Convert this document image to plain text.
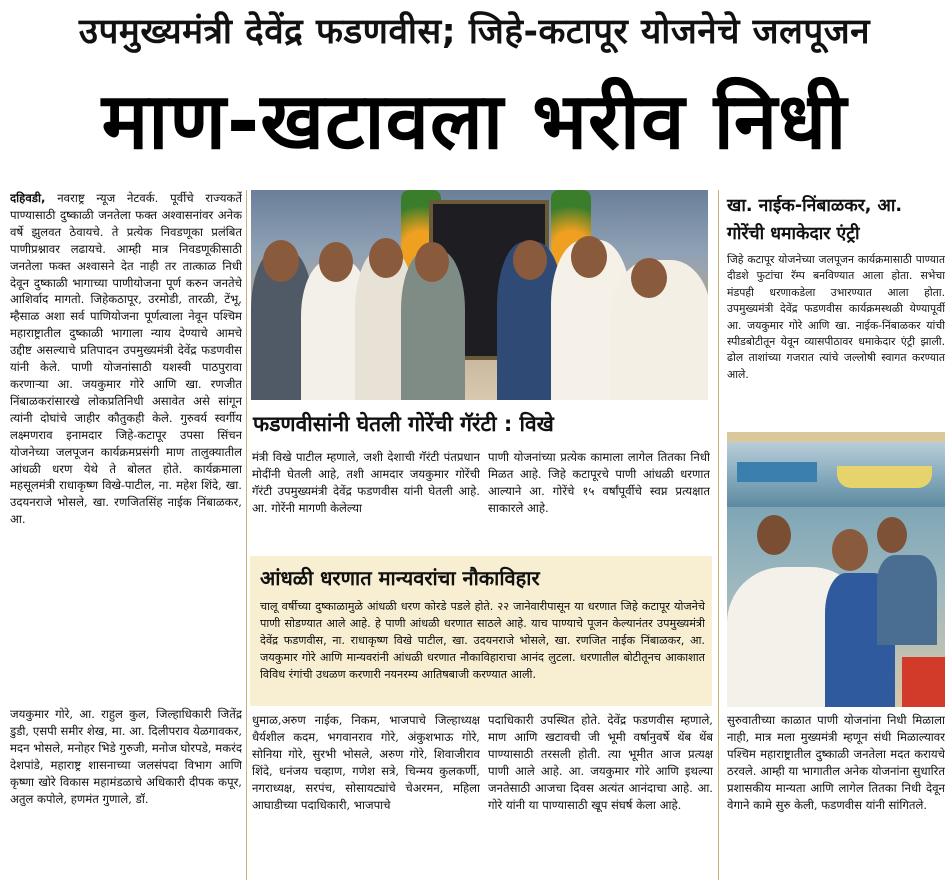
उपमुख्यमंत्री देवेंद्र फडणवीस; जिहे-कटापूर योजनेचे जलपूजन
माण-खटावला भरीव निधी
दहिवडी, नवराष्ट्र न्यूज नेटवर्क. पूर्वीचे राज्यकर्ते पाण्यासाठी दुष्काळी जनतेला फक्त अश्वासनांवर अनेक वर्षे झुलवत ठेवायचे. ते प्रत्येक निवडणूका प्रलंबित पाणीप्रश्नावर लढायचे. आम्ही मात्र निवडणूकीसाठी जनतेला फक्त अश्वासने देत नाही तर तात्काळ निधी देवून दुष्काळी भागाच्या पाणीयोजना पूर्ण करुन जनतेचे आशिर्वाद मागतो. जिहेकठापूर, उरमोडी, तारळी, टेंभू, म्हैसाळ अशा सर्व पाणियोजना पूर्णत्वाला नेवून पश्चिम महाराष्ट्रातील दुष्काळी भागाला न्याय देण्याचे आमचे उद्दीष्ट असल्याचे प्रतिपादन उपमुख्यमंत्री देवेंद्र फडणवीस यांनी केले. पाणी योजनांसाठी यशस्वी पाठपुरावा करणाऱ्या आ. जयकुमार गोरे आणि खा. रणजीत निंबाळकरांसारखे लोकप्रतिनिधी असावेत असे सांगून त्यांनी दोघांचे जाहीर कौतुकही केले. गुरुवर्य स्वर्गीय लक्ष्मणराव इनामदार जिहे-कटापूर उपसा सिंचन योजनेच्या जलपूजन कार्यक्रमप्रसंगी माण तालुक्यातील आंधळी धरण येथे ते बोलत होते. कार्यक्रमाला महसूलमंत्री राधाकृष्ण विखे-पाटील, ना. महेश शिंदे, खा. उदयनराजे भोसले, खा. रणजितसिंह नाईक निंबाळकर, आ.
फडणवीसांनी घेतली गोरेंची गॅरंटी : विखे
मंत्री विखे पाटील म्हणाले, जशी देशाची गॅरंटी पंतप्रधान मोदींनी घेतली आहे, तशी आमदार जयकुमार गोरेंची गॅरंटी उपमुख्यमंत्री देवेंद्र फडणवीस यांनी घेतली आहे. आ. गोरेंनी मागणी केलेल्या
पाणी योजनांच्या प्रत्येक कामाला लागेल तितका निधी मिळत आहे. जिहे कटापूरचे पाणी आंधळी धरणात आल्याने आ. गोरेंचे १५ वर्षांपूर्वीचे स्वप्न प्रत्यक्षात साकारले आहे.
आंधळी धरणात मान्यवरांचा नौकाविहार
चालू वर्षीच्या दुष्काळामुळे आंधळी धरण कोरडे पडले होते. २२ जानेवारीपासून या धरणात जिहे कटापूर योजनेचे पाणी सोडण्यात आले आहे. हे पाणी आंधळी धरणात साठले आहे. याच पाण्याचे पूजन केल्यानंतर उपमुख्यमंत्री देवेंद्र फडणवीस, ना. राधाकृष्ण विखे पाटील, खा. उदयनराजे भोसले, खा. रणजित नाईक निंबाळकर, आ. जयकुमार गोरे आणि मान्यवरांनी आंधळी धरणात नौकाविहाराचा आनंद लुटला. धरणातील बोटीतूनच आकाशात विविध रंगांची उधळण करणारी नयनरम्य आतिषबाजी करण्यात आली.
खा. नाईक-निंबाळकर, आ. गोरेंची धमाकेदार एंट्री
जिहे कटापूर योजनेच्या जलपूजन कार्यक्रमासाठी पाण्यात दीडशे फुटांचा रॅम्प बनविण्यात आला होता. सभेचा मंडपही धरणाकडेला उभारण्यात आला होता. उपमुख्यमंत्री देवेंद्र फडणवीस कार्यक्रमस्थळी येण्यापूर्वी आ. जयकुमार गोरे आणि खा. नाईक-निंबाळकर यांची स्पीडबोटीतून येवून व्यासपीठावर धमाकेदार एंट्री झाली. ढोल ताशांच्या गजरात त्यांचे जल्लोषी स्वागत करण्यात आले.
जयकुमार गोरे, आ. राहुल कुल, जिल्हाधिकारी जितेंद्र डुडी, एसपी समीर शेख, मा. आ. दिलीपराव येळगावकर, मदन भोसले, मनोहर भिडे गुरुजी, मनोज घोरपडे, मकरंद देशपांडे, महाराष्ट्र शासनाच्या जलसंपदा विभाग आणि कृष्णा खोरे विकास महामंडळाचे अधिकारी दीपक कपूर, अतुल कपोले, हणमंत गुणाले, डॉ.
धुमाळ,अरुण नाईक, निकम, भाजपाचे जिल्हाध्यक्ष धैर्यशील कदम, भगवानराव गोरे, अंकुशभाऊ गोरे, सोनिया गोरे, सुरभी भोसले, अरुण गोरे, शिवाजीराव शिंदे, धनंजय चव्हाण, गणेश सत्रे, चिन्मय कुलकर्णी, नगराध्यक्ष, सरपंच, सोसायट्यांचे चेअरमन, महिला आघाडीच्या पदाधिकारी, भाजपाचे
पदाधिकारी उपस्थित होते. देवेंद्र फडणवीस म्हणाले, माण आणि खटावची जी भूमी वर्षानुवर्षे थेंब थेंब पाण्यासाठी तरसली होती. त्या भूमीत आज प्रत्यक्ष पाणी आले आहे. आ. जयकुमार गोरे आणि इथल्या जनतेसाठी आजचा दिवस अत्यंत आनंदाचा आहे. आ. गोरे यांनी या पाण्यासाठी खूप संघर्ष केला आहे.
सुरुवातीच्या काळात पाणी योजनांना निधी मिळाला नाही, मात्र मला मुख्यमंत्री म्हणून संधी मिळाल्यावर पश्चिम महाराष्ट्रातील दुष्काळी जनतेला मदत करायचे ठरवले. आम्ही या भागातील अनेक योजनांना सुधारित प्रशासकीय मान्यता आणि लागेल तितका निधी देवून वेगाने कामे सुरु केली, फडणवीस यांनी सांगितले.
